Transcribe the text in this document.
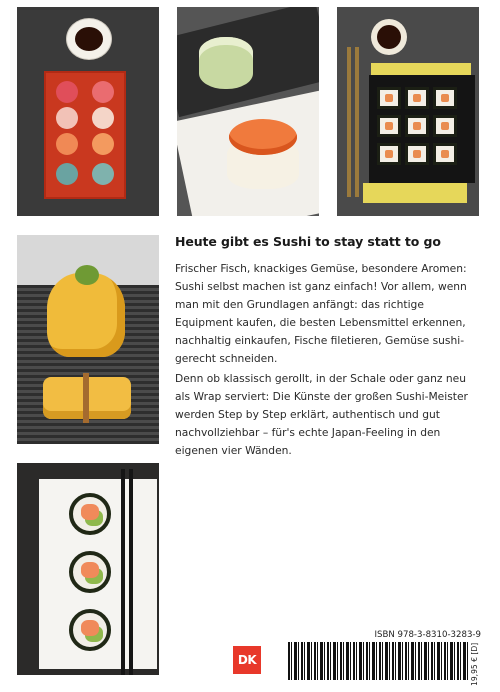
Heute gibt es Sushi to stay statt to go

Frischer Fisch, knackiges Gemüse, besondere Aromen: Sushi selbst machen ist ganz einfach! Vor allem, wenn man mit den Grundlagen anfängt: das richtige Equipment kaufen, die besten Lebensmittel erkennen, nachhaltig einkaufen, Fische filetieren, Gemüse sushi-gerecht schneiden.

Denn ob klassisch gerollt, in der Schale oder ganz neu als Wrap serviert: Die Künste der großen Sushi-Meister werden Step by Step erklärt, authentisch und gut nachvollziehbar – für's echte Japan-Feeling in den eigenen vier Wänden.

DK
ISBN 978-3-8310-3283-9
19,95 € [D]
